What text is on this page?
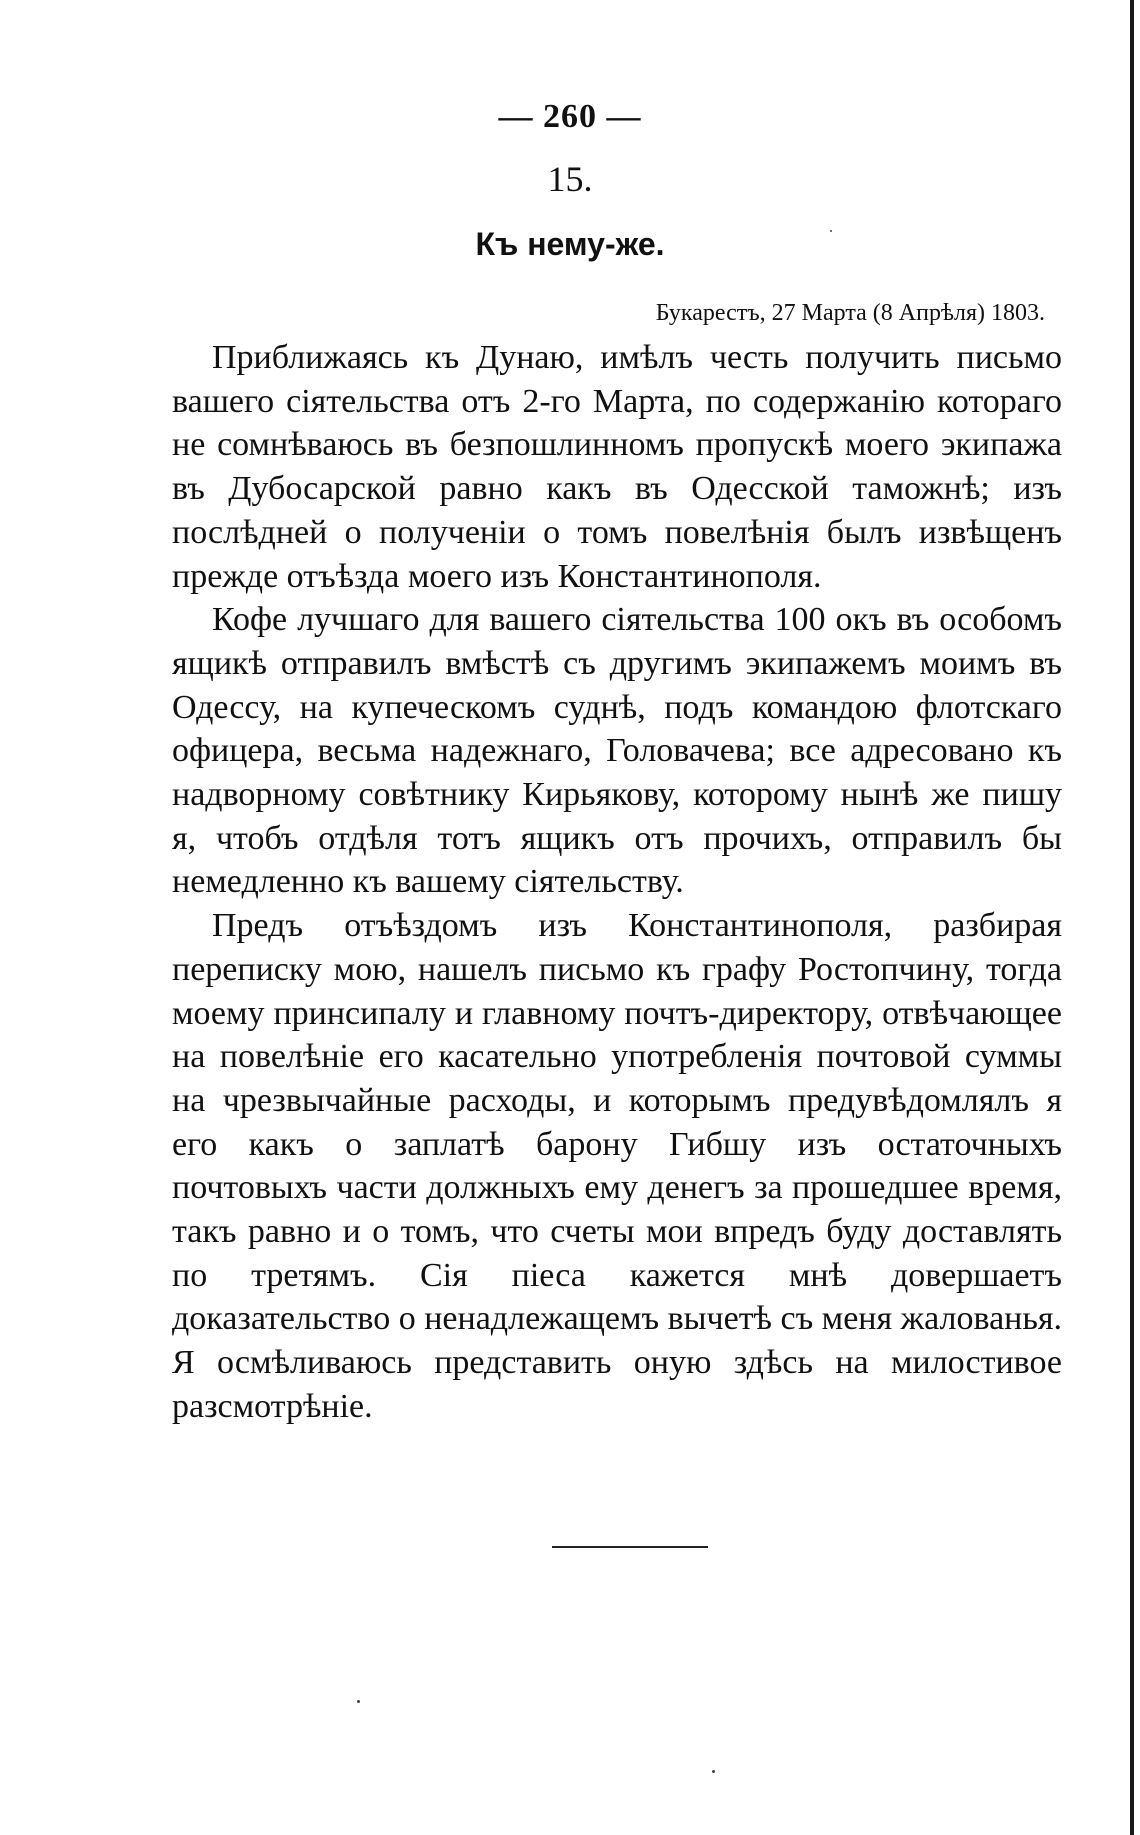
— 260 —
15.
Къ нему-же.
Букарестъ, 27 Марта (8 Апрѣля) 1803.

Приближаясь къ Дунаю, имѣлъ честь получить письмо вашего сіятельства отъ 2-го Марта, по содержанію котораго не сомнѣваюсь въ безпошлинномъ пропускѣ моего экипажа въ Дубосарской равно какъ въ Одесской таможнѣ; изъ послѣдней о полученіи о томъ повелѣнія былъ извѣщенъ прежде отъѣзда моего изъ Константинополя.

Кофе лучшаго для вашего сіятельства 100 окъ въ особомъ ящикѣ отправилъ вмѣстѣ съ другимъ экипажемъ моимъ въ Одессу, на купеческомъ суднѣ, подъ командою флотскаго офицера, весьма надежнаго, Головачева; все адресовано къ надворному совѣтнику Кирьякову, которому нынѣ же пишу я, чтобъ отдѣля тотъ ящикъ отъ прочихъ, отправилъ бы немедленно къ вашему сіятельству.

Предъ отъѣздомъ изъ Константинополя, разбирая переписку мою, нашелъ письмо къ графу Ростопчину, тогда моему принсипалу и главному почтъ-директору, отвѣчающее на повелѣніе его касательно употребленія почтовой суммы на чрезвычайные расходы, и которымъ предувѣдомлялъ я его какъ о заплатѣ барону Гибшу изъ остаточныхъ почтовыхъ части должныхъ ему денегъ за прошедшее время, такъ равно и о томъ, что счеты мои впредъ буду доставлять по третямъ. Сія піеса кажется мнѣ довершаетъ доказательство о ненадлежащемъ вычетѣ съ меня жалованья. Я осмѣливаюсь представить оную здѣсь на милостивое разсмотрѣніе.
